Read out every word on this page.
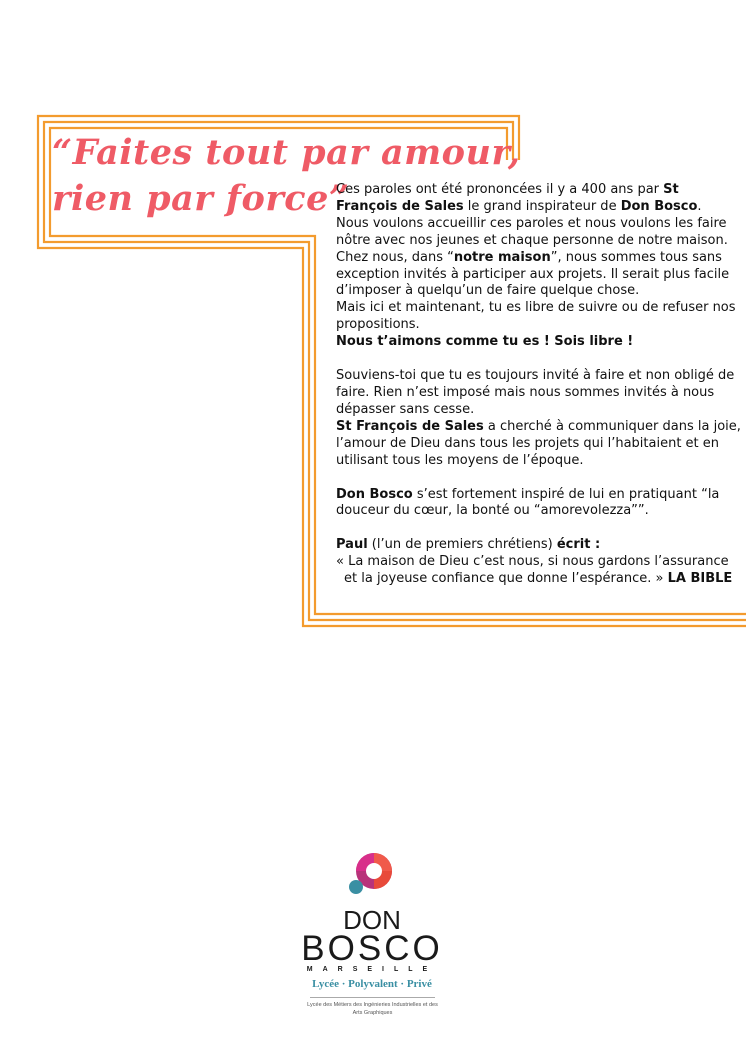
“Faites tout par amour,
rien par force”

Ces paroles ont été prononcées il y a 400 ans par St François de Sales le grand inspirateur de Don Bosco.

Nous voulons accueillir ces paroles et nous voulons les faire nôtre avec nos jeunes et chaque personne de notre maison.

Chez nous, dans “notre maison”, nous sommes tous sans exception invités à participer aux projets. Il serait plus facile d’imposer à quelqu’un de faire quelque chose.

Mais ici et maintenant, tu es libre de suivre ou de refuser nos propositions.

Nous t’aimons comme tu es ! Sois libre !

Souviens-toi que tu es toujours invité à faire et non obligé de faire. Rien n’est imposé mais nous sommes invités à nous dépasser sans cesse.

St François de Sales a cherché à communiquer dans la joie, l’amour de Dieu dans tous les projets qui l’habitaient et en utilisant tous les moyens de l’époque.

Don Bosco s’est fortement inspiré de lui en pratiquant “la douceur du cœur, la bonté ou “amorevolezza””.

Paul (l’un de premiers chrétiens) écrit :

« La maison de Dieu c’est nous, si nous gardons l’assurance

et la joyeuse confiance que donne l’espérance. » LA BIBLE

DON
BOSCO
MARSEILLE
Lycée · Polyvalent · Privé
Lycée des Métiers des Ingénieries Industrielles et des Arts Graphiques
